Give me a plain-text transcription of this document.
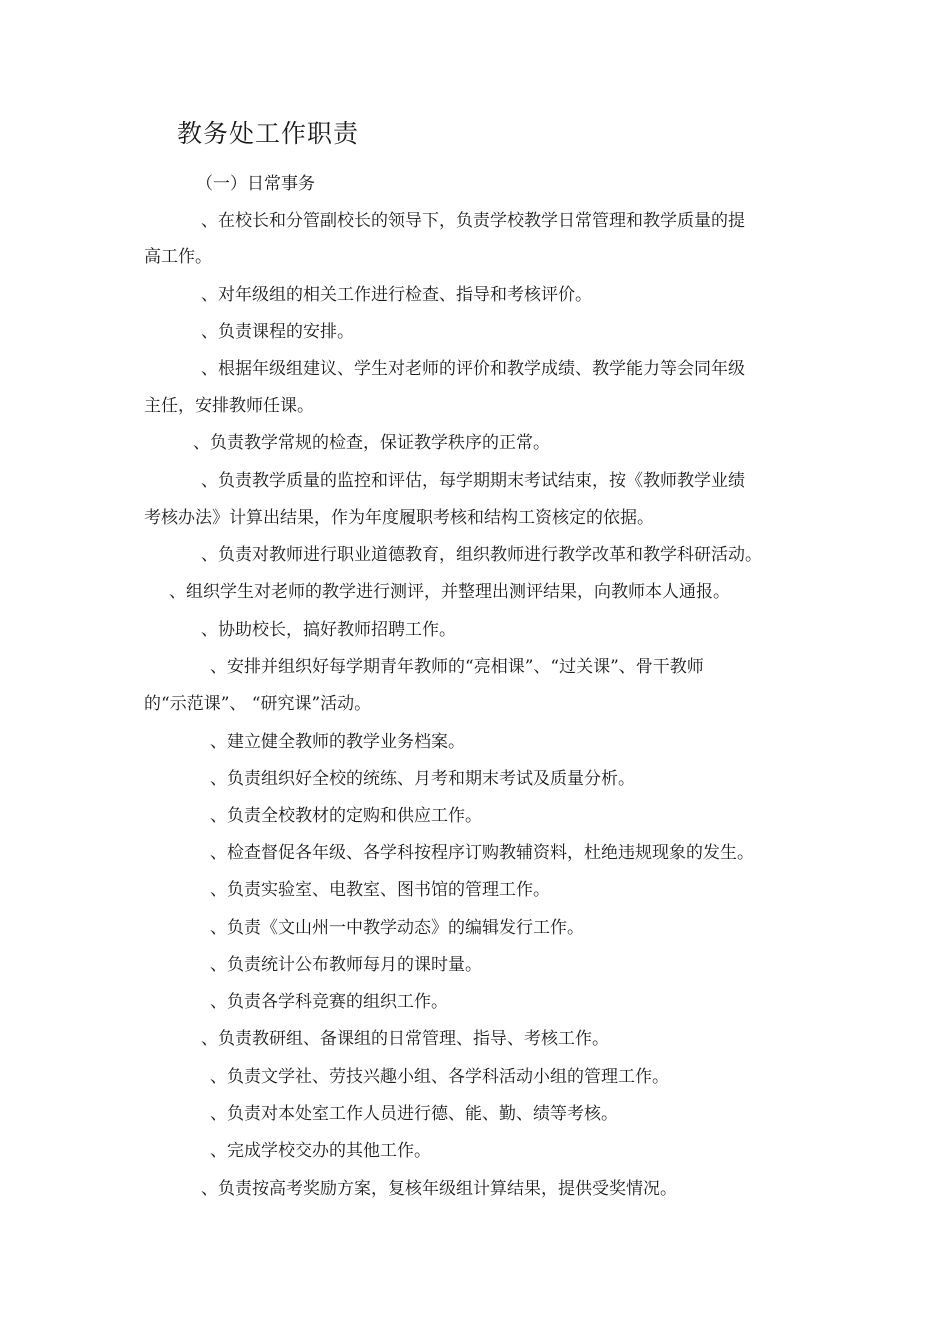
教务处工作职责
（一）日常事务
、在校长和分管副校长的领导下，负责学校教学日常管理和教学质量的提
高工作。
、对年级组的相关工作进行检查、指导和考核评价。
、负责课程的安排。
、根据年级组建议、学生对老师的评价和教学成绩、教学能力等会同年级
主任，安排教师任课。
、负责教学常规的检查，保证教学秩序的正常。
、负责教学质量的监控和评估，每学期期末考试结束，按《教师教学业绩
考核办法》计算出结果，作为年度履职考核和结构工资核定的依据。
、负责对教师进行职业道德教育，组织教师进行教学改革和教学科研活动。
、组织学生对老师的教学进行测评，并整理出测评结果，向教师本人通报。
、协助校长，搞好教师招聘工作。
、安排并组织好每学期青年教师的“亮相课”、“过关课”、骨干教师
的“示范课”、 “研究课”活动。
、建立健全教师的教学业务档案。
、负责组织好全校的统练、月考和期末考试及质量分析。
、负责全校教材的定购和供应工作。
、检查督促各年级、各学科按程序订购教辅资料，杜绝违规现象的发生。
、负责实验室、电教室、图书馆的管理工作。
、负责《文山州一中教学动态》的编辑发行工作。
、负责统计公布教师每月的课时量。
、负责各学科竞赛的组织工作。
、负责教研组、备课组的日常管理、指导、考核工作。
、负责文学社、劳技兴趣小组、各学科活动小组的管理工作。
、负责对本处室工作人员进行德、能、勤、绩等考核。
、完成学校交办的其他工作。
、负责按高考奖励方案，复核年级组计算结果，提供受奖情况。
